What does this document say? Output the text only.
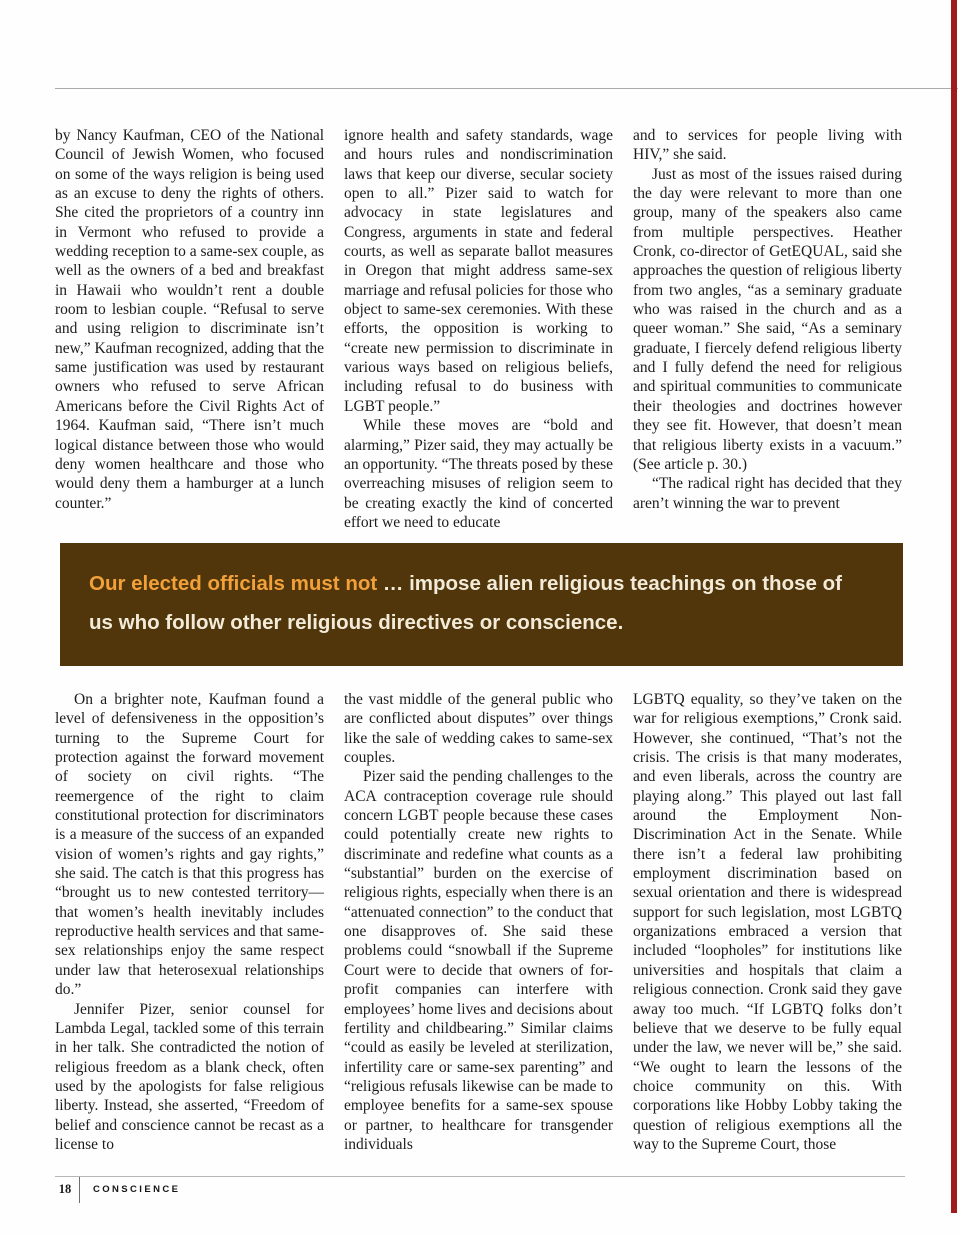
by Nancy Kaufman, CEO of the National Council of Jewish Women, who focused on some of the ways religion is being used as an excuse to deny the rights of others. She cited the proprietors of a country inn in Vermont who refused to provide a wedding reception to a same-sex couple, as well as the owners of a bed and breakfast in Hawaii who wouldn’t rent a double room to lesbian couple. “Refusal to serve and using religion to discriminate isn’t new,” Kaufman recognized, adding that the same justification was used by restaurant owners who refused to serve African Americans before the Civil Rights Act of 1964. Kaufman said, “There isn’t much logical distance between those who would deny women healthcare and those who would deny them a hamburger at a lunch counter.”

ignore health and safety standards, wage and hours rules and nondiscrimination laws that keep our diverse, secular society open to all.” Pizer said to watch for advocacy in state legislatures and Congress, arguments in state and federal courts, as well as separate ballot measures in Oregon that might address same-sex marriage and refusal policies for those who object to same-sex ceremonies. With these efforts, the opposition is working to “create new permission to discriminate in various ways based on religious beliefs, including refusal to do business with LGBT people.”

While these moves are “bold and alarming,” Pizer said, they may actually be an opportunity. “The threats posed by these overreaching misuses of religion seem to be creating exactly the kind of concerted effort we need to educate

and to services for people living with HIV,” she said.

Just as most of the issues raised during the day were relevant to more than one group, many of the speakers also came from multiple perspectives. Heather Cronk, co-director of GetEQUAL, said she approaches the question of religious liberty from two angles, “as a seminary graduate who was raised in the church and as a queer woman.” She said, “As a seminary graduate, I fiercely defend religious liberty and I fully defend the need for religious and spiritual communities to communicate their theologies and doctrines however they see fit. However, that doesn’t mean that religious liberty exists in a vacuum.” (See article p. 30.)

“The radical right has decided that they aren’t winning the war to prevent

Our elected officials must not … impose alien religious teachings on those of us who follow other religious directives or conscience.

On a brighter note, Kaufman found a level of defensiveness in the opposition’s turning to the Supreme Court for protection against the forward movement of society on civil rights. “The reemergence of the right to claim constitutional protection for discriminators is a measure of the success of an expanded vision of women’s rights and gay rights,” she said. The catch is that this progress has “brought us to new contested territory—that women’s health inevitably includes reproductive health services and that same-sex relationships enjoy the same respect under law that heterosexual relationships do.”

Jennifer Pizer, senior counsel for Lambda Legal, tackled some of this terrain in her talk. She contradicted the notion of religious freedom as a blank check, often used by the apologists for false religious liberty. Instead, she asserted, “Freedom of belief and conscience cannot be recast as a license to

the vast middle of the general public who are conflicted about disputes” over things like the sale of wedding cakes to same-sex couples.

Pizer said the pending challenges to the ACA contraception coverage rule should concern LGBT people because these cases could potentially create new rights to discriminate and redefine what counts as a “substantial” burden on the exercise of religious rights, especially when there is an “attenuated connection” to the conduct that one disapproves of. She said these problems could “snowball if the Supreme Court were to decide that owners of for-profit companies can interfere with employees’ home lives and decisions about fertility and childbearing.” Similar claims “could as easily be leveled at sterilization, infertility care or same-sex parenting” and “religious refusals likewise can be made to employee benefits for a same-sex spouse or partner, to healthcare for transgender individuals

LGBTQ equality, so they’ve taken on the war for religious exemptions,” Cronk said. However, she continued, “That’s not the crisis. The crisis is that many moderates, and even liberals, across the country are playing along.” This played out last fall around the Employment Non-Discrimination Act in the Senate. While there isn’t a federal law prohibiting employment discrimination based on sexual orientation and there is widespread support for such legislation, most LGBTQ organizations embraced a version that included “loopholes” for institutions like universities and hospitals that claim a religious connection. Cronk said they gave away too much. “If LGBTQ folks don’t believe that we deserve to be fully equal under the law, we never will be,” she said. “We ought to learn the lessons of the choice community on this. With corporations like Hobby Lobby taking the question of religious exemptions all the way to the Supreme Court, those

18 CONSCIENCE
